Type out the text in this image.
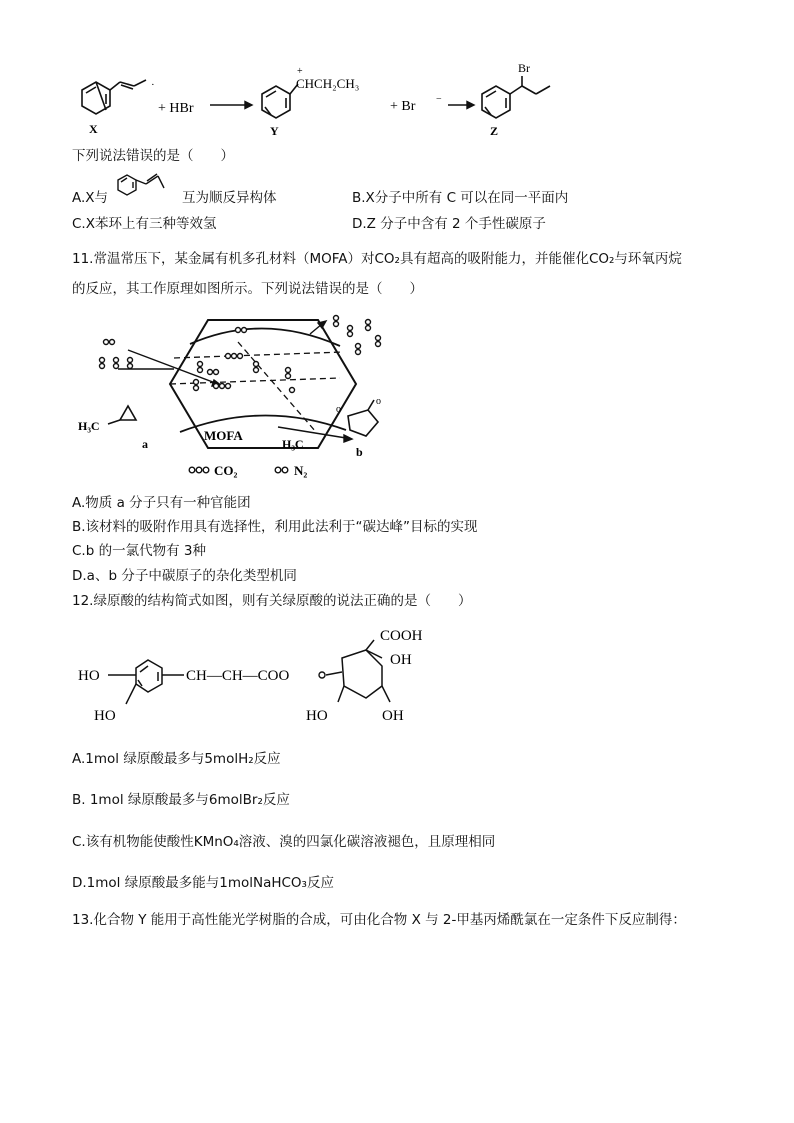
·
X
+ HBr
+
CHCH₂CH₃
Y
+ Br −
Br
Z
下列说法错误的是（　　）
A.X与	互为顺反异构体	B.X分子中所有 C 可以在同一平面内
C.X苯环上有三种等效氢	D.Z 分子中含有 2 个手性碳原子
11.常温常压下，某金属有机多孔材料（MOFA）对CO₂具有超高的吸附能力，并能催化CO₂与环氧丙烷
的反应，其工作原理如图所示。下列说法错误的是（　　）
H₃C
a
MOFA
o
o
H₃C
b
CO₂	N₂
A.物质 a 分子只有一种官能团
B.该材料的吸附作用具有选择性，利用此法利于“碳达峰”目标的实现
C.b 的一氯代物有 3种
D.a、b 分子中碳原子的杂化类型机同
12.绿原酸的结构简式如图，则有关绿原酸的说法正确的是（　　）
HO
HO
CH—CH—COO
COOH
OH
HO	OH
A.1mol 绿原酸最多与5molH₂反应
B. 1mol 绿原酸最多与6molBr₂反应
C.该有机物能使酸性KMnO₄溶液、溴的四氯化碳溶液褪色，且原理相同
D.1mol 绿原酸最多能与1molNaHCO₃反应
13.化合物 Y 能用于高性能光学树脂的合成，可由化合物 X 与 2-甲基丙烯酰氯在一定条件下反应制得：
